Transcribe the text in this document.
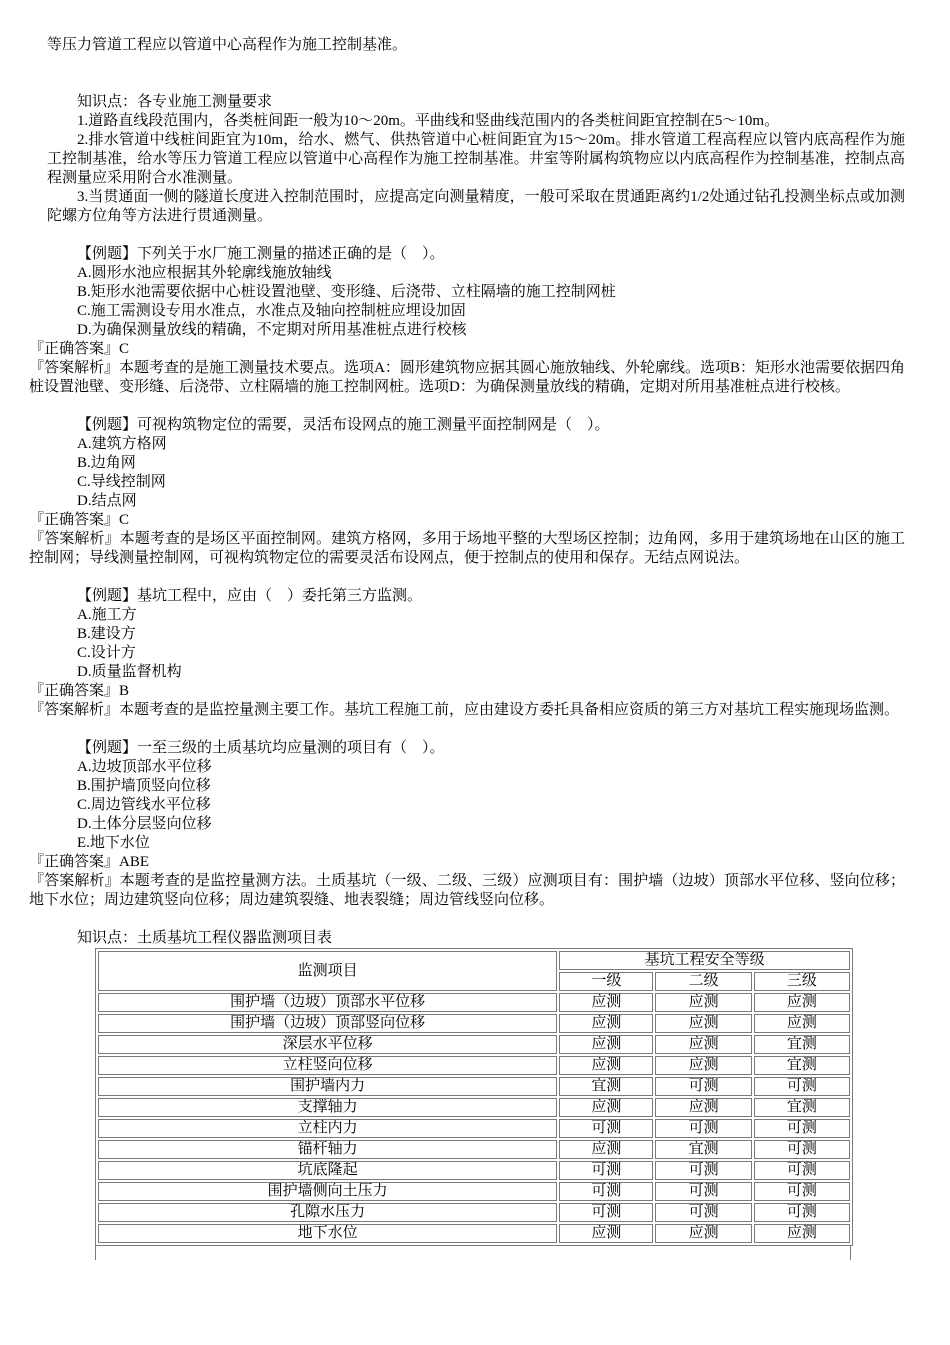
等压力管道工程应以管道中心高程作为施工控制基准。

知识点：各专业施工测量要求

1.道路直线段范围内，各类桩间距一般为10～20m。平曲线和竖曲线范围内的各类桩间距宜控制在5～10m。

2.排水管道中线桩间距宜为10m，给水、燃气、供热管道中心桩间距宜为15～20m。排水管道工程高程应以管内底高程作为施工控制基准，给水等压力管道工程应以管道中心高程作为施工控制基准。井室等附属构筑物应以内底高程作为控制基准，控制点高程测量应采用附合水准测量。

3.当贯通面一侧的隧道长度进入控制范围时，应提高定向测量精度，一般可采取在贯通距离约1/2处通过钻孔投测坐标点或加测陀螺方位角等方法进行贯通测量。

【例题】下列关于水厂施工测量的描述正确的是（　）。

A.圆形水池应根据其外轮廓线施放轴线

B.矩形水池需要依据中心桩设置池壁、变形缝、后浇带、立柱隔墙的施工控制网桩

C.施工需测设专用水准点，水准点及轴向控制桩应埋设加固

D.为确保测量放线的精确，不定期对所用基准桩点进行校核

『正确答案』C

『答案解析』本题考查的是施工测量技术要点。选项A：圆形建筑物应据其圆心施放轴线、外轮廓线。选项B：矩形水池需要依据四角桩设置池壁、变形缝、后浇带、立柱隔墙的施工控制网桩。选项D：为确保测量放线的精确，定期对所用基准桩点进行校核。

【例题】可视构筑物定位的需要，灵活布设网点的施工测量平面控制网是（　）。

A.建筑方格网

B.边角网

C.导线控制网

D.结点网

『正确答案』C

『答案解析』本题考查的是场区平面控制网。建筑方格网，多用于场地平整的大型场区控制；边角网，多用于建筑场地在山区的施工控制网；导线测量控制网，可视构筑物定位的需要灵活布设网点，便于控制点的使用和保存。无结点网说法。

【例题】基坑工程中，应由（　）委托第三方监测。

A.施工方

B.建设方

C.设计方

D.质量监督机构

『正确答案』B

『答案解析』本题考查的是监控量测主要工作。基坑工程施工前，应由建设方委托具备相应资质的第三方对基坑工程实施现场监测。

【例题】一至三级的土质基坑均应量测的项目有（　）。

A.边坡顶部水平位移

B.围护墙顶竖向位移

C.周边管线水平位移

D.土体分层竖向位移

E.地下水位

『正确答案』ABE

『答案解析』本题考查的是监控量测方法。土质基坑（一级、二级、三级）应测项目有：围护墙（边坡）顶部水平位移、竖向位移；地下水位；周边建筑竖向位移；周边建筑裂缝、地表裂缝；周边管线竖向位移。

知识点：土质基坑工程仪器监测项目表

监测项目	基坑工程安全等级		
	一级	二级	三级
围护墙（边坡）顶部水平位移	应测	应测	应测
围护墙（边坡）顶部竖向位移	应测	应测	应测
深层水平位移	应测	应测	宜测
立柱竖向位移	应测	应测	宜测
围护墙内力	宜测	可测	可测
支撑轴力	应测	应测	宜测
立柱内力	可测	可测	可测
锚杆轴力	应测	宜测	可测
坑底隆起	可测	可测	可测
围护墙侧向土压力	可测	可测	可测
孔隙水压力	可测	可测	可测
地下水位	应测	应测	应测
